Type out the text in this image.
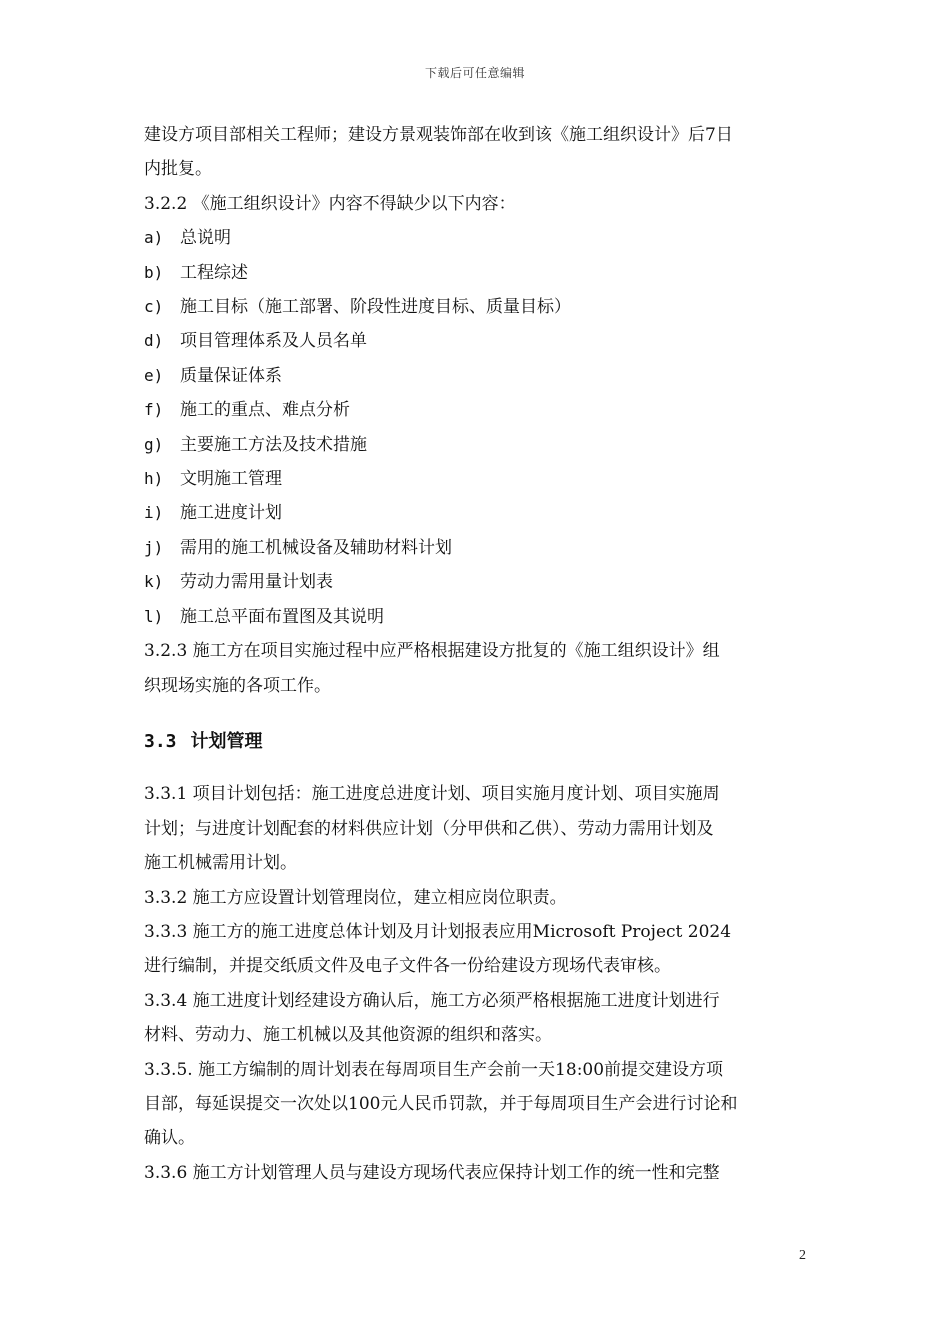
下载后可任意编辑

建设方项目部相关工程师；建设方景观装饰部在收到该《施工组织设计》后7日

内批复。

3.2.2 《施工组织设计》内容不得缺少以下内容：

a) 总说明

b) 工程综述

c) 施工目标（施工部署、阶段性进度目标、质量目标）

d) 项目管理体系及人员名单

e) 质量保证体系

f) 施工的重点、难点分析

g) 主要施工方法及技术措施

h) 文明施工管理

i) 施工进度计划

j) 需用的施工机械设备及辅助材料计划

k) 劳动力需用量计划表

l) 施工总平面布置图及其说明

3.2.3 施工方在项目实施过程中应严格根据建设方批复的《施工组织设计》组

织现场实施的各项工作。

3.3 计划管理

3.3.1 项目计划包括：施工进度总进度计划、项目实施月度计划、项目实施周

计划；与进度计划配套的材料供应计划（分甲供和乙供）、劳动力需用计划及

施工机械需用计划。

3.3.2 施工方应设置计划管理岗位，建立相应岗位职责。

3.3.3 施工方的施工进度总体计划及月计划报表应用Microsoft Project 2024

进行编制，并提交纸质文件及电子文件各一份给建设方现场代表审核。

3.3.4 施工进度计划经建设方确认后，施工方必须严格根据施工进度计划进行

材料、劳动力、施工机械以及其他资源的组织和落实。

3.3.5. 施工方编制的周计划表在每周项目生产会前一天18:00前提交建设方项

目部，每延误提交一次处以100元人民币罚款，并于每周项目生产会进行讨论和

确认。

3.3.6 施工方计划管理人员与建设方现场代表应保持计划工作的统一性和完整

2
